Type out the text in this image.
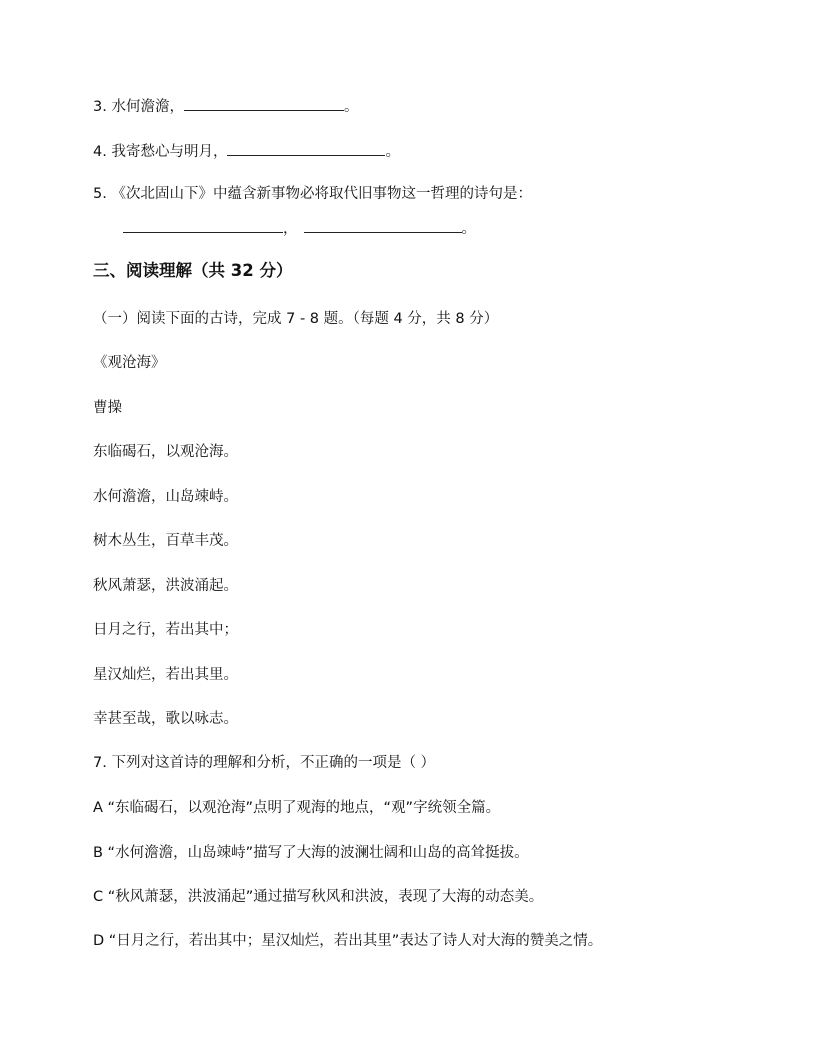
3. 水何澹澹，	。
4. 我寄愁心与明月，	。
5. 《次北固山下》中蕴含新事物必将取代旧事物这一哲理的诗句是：
，	。
三、阅读理解（共 32 分）
（一）阅读下面的古诗，完成 7 - 8 题。（每题 4 分，共 8 分）
《观沧海》
曹操
东临碣石，以观沧海。
水何澹澹，山岛竦峙。
树木丛生，百草丰茂。
秋风萧瑟，洪波涌起。
日月之行，若出其中；
星汉灿烂，若出其里。
幸甚至哉，歌以咏志。
7. 下列对这首诗的理解和分析，不正确的一项是（ ）
A “东临碣石，以观沧海”点明了观海的地点，“观”字统领全篇。
B “水何澹澹，山岛竦峙”描写了大海的波澜壮阔和山岛的高耸挺拔。
C “秋风萧瑟，洪波涌起”通过描写秋风和洪波，表现了大海的动态美。
D “日月之行，若出其中；星汉灿烂，若出其里”表达了诗人对大海的赞美之情。
